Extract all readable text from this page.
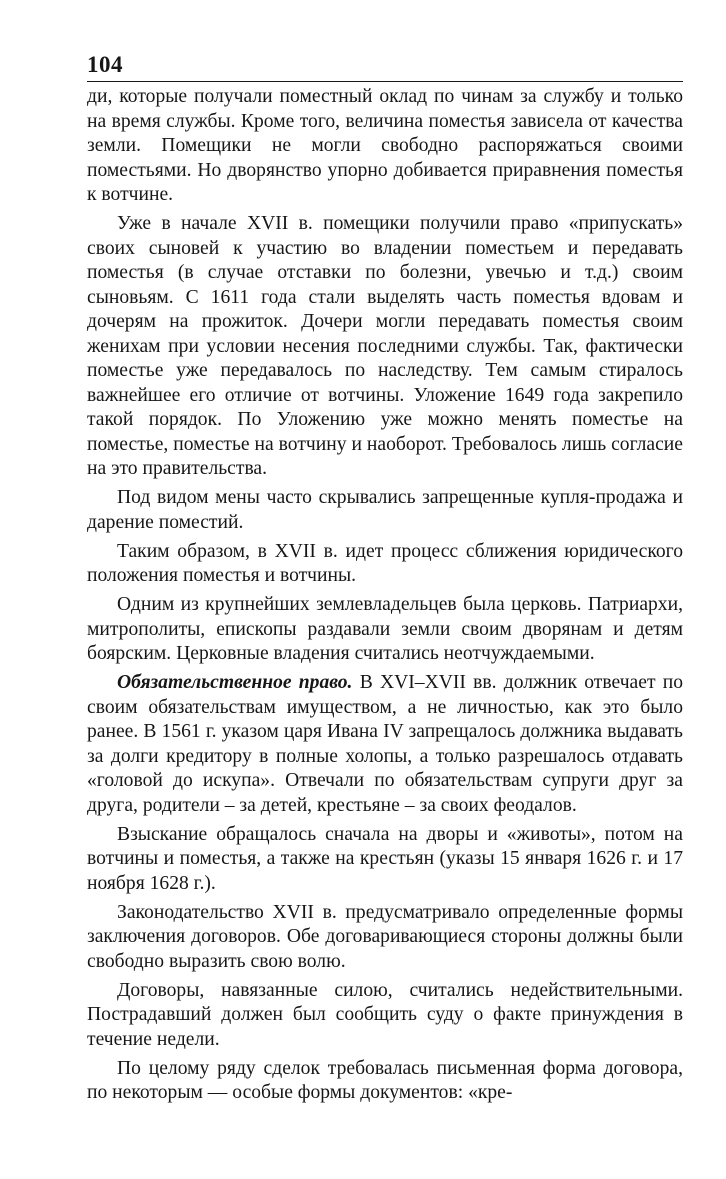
104

ди, которые получали поместный оклад по чинам за службу и только на время службы. Кроме того, величина поместья зависела от качества земли. Помещики не могли свободно распоряжаться своими поместьями. Но дворянство упорно добивается приравнения поместья к вотчине.

Уже в начале XVII в. помещики получили право «припускать» своих сыновей к участию во владении поместьем и передавать поместья (в случае отставки по болезни, увечью и т.д.) своим сыновьям. С 1611 года стали выделять часть поместья вдовам и дочерям на прожиток. Дочери могли передавать поместья своим женихам при условии несения последними службы. Так, фактически поместье уже передавалось по наследству. Тем самым стиралось важнейшее его отличие от вотчины. Уложение 1649 года закрепило такой порядок. По Уложению уже можно менять поместье на поместье, поместье на вотчину и наоборот. Требовалось лишь согласие на это правительства.

Под видом мены часто скрывались запрещенные купля-продажа и дарение поместий.

Таким образом, в XVII в. идет процесс сближения юридического положения поместья и вотчины.

Одним из крупнейших землевладельцев была церковь. Патриархи, митрополиты, епископы раздавали земли своим дворянам и детям боярским. Церковные владения считались неотчуждаемыми.

Обязательственное право. В XVI–XVII вв. должник отвечает по своим обязательствам имуществом, а не личностью, как это было ранее. В 1561 г. указом царя Ивана IV запрещалось должника выдавать за долги кредитору в полные холопы, а только разрешалось отдавать «головой до искупа». Отвечали по обязательствам супруги друг за друга, родители – за детей, крестьяне – за своих феодалов.

Взыскание обращалось сначала на дворы и «животы», потом на вотчины и поместья, а также на крестьян (указы 15 января 1626 г. и 17 ноября 1628 г.).

Законодательство XVII в. предусматривало определенные формы заключения договоров. Обе договаривающиеся стороны должны были свободно выразить свою волю.

Договоры, навязанные силою, считались недействительными. Пострадавший должен был сообщить суду о факте принуждения в течение недели.

По целому ряду сделок требовалась письменная форма договора, по некоторым — особые формы документов: «кре-
